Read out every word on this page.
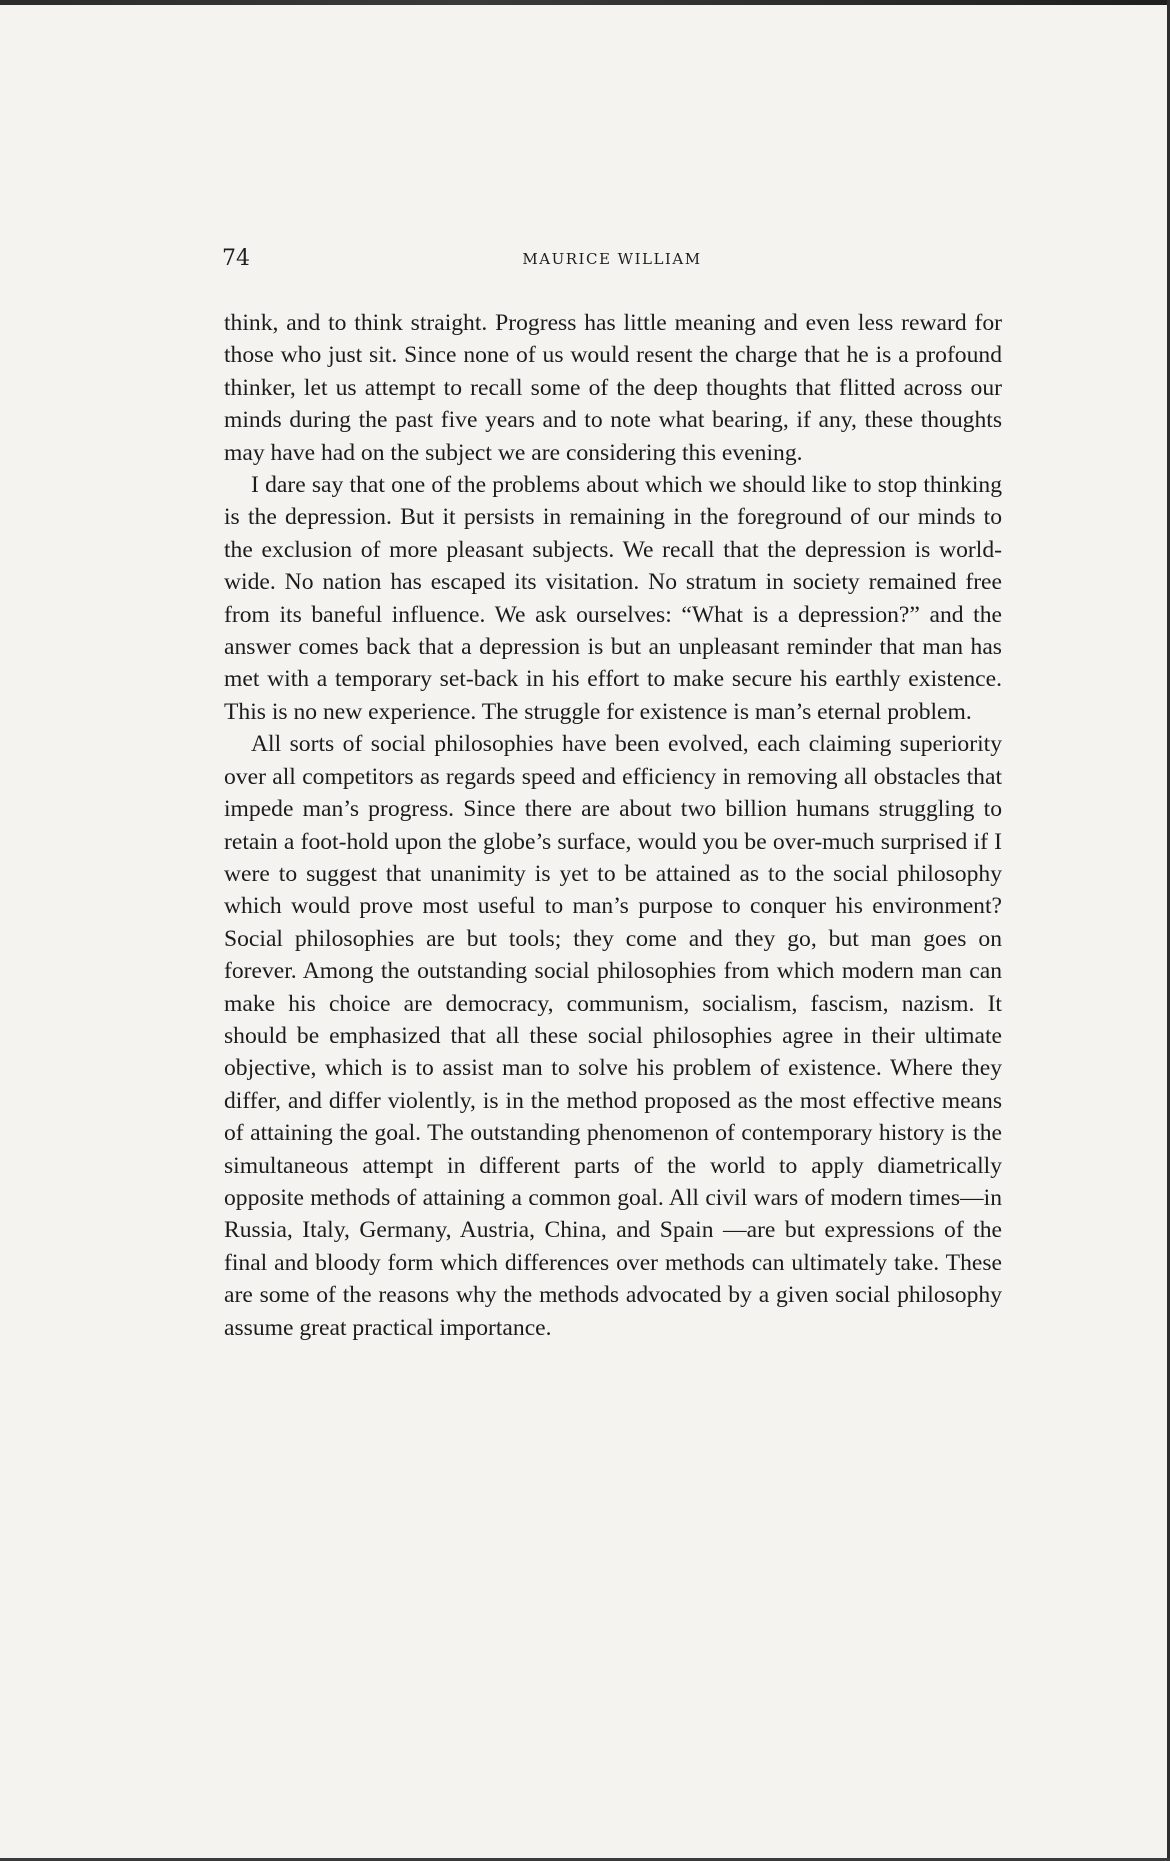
74	MAURICE WILLIAM

think, and to think straight. Progress has little meaning and even less reward for those who just sit. Since none of us would resent the charge that he is a profound thinker, let us attempt to recall some of the deep thoughts that flitted across our minds during the past five years and to note what bearing, if any, these thoughts may have had on the subject we are considering this evening.

I dare say that one of the problems about which we should like to stop thinking is the depression. But it persists in remaining in the foreground of our minds to the exclusion of more pleasant subjects. We recall that the depression is world-wide. No nation has escaped its visitation. No stratum in society remained free from its baneful influence. We ask ourselves: “What is a depression?” and the answer comes back that a depression is but an unpleasant reminder that man has met with a temporary set-back in his effort to make secure his earthly existence. This is no new experience. The struggle for existence is man’s eternal problem.

All sorts of social philosophies have been evolved, each claiming superiority over all competitors as regards speed and efficiency in removing all obstacles that impede man’s progress. Since there are about two billion humans struggling to retain a foot-hold upon the globe’s surface, would you be over-much surprised if I were to suggest that unanimity is yet to be attained as to the social philosophy which would prove most useful to man’s purpose to conquer his environment? Social philosophies are but tools; they come and they go, but man goes on forever. Among the outstanding social philosophies from which modern man can make his choice are democracy, communism, socialism, fascism, nazism. It should be emphasized that all these social philosophies agree in their ultimate objective, which is to assist man to solve his problem of existence. Where they differ, and differ violently, is in the method proposed as the most effective means of attaining the goal. The outstanding phenomenon of contemporary history is the simultaneous attempt in different parts of the world to apply diametrically opposite methods of attaining a common goal. All civil wars of modern times—in Russia, Italy, Germany, Austria, China, and Spain —are but expressions of the final and bloody form which differences over methods can ultimately take. These are some of the reasons why the methods advocated by a given social philosophy assume great practical importance.
